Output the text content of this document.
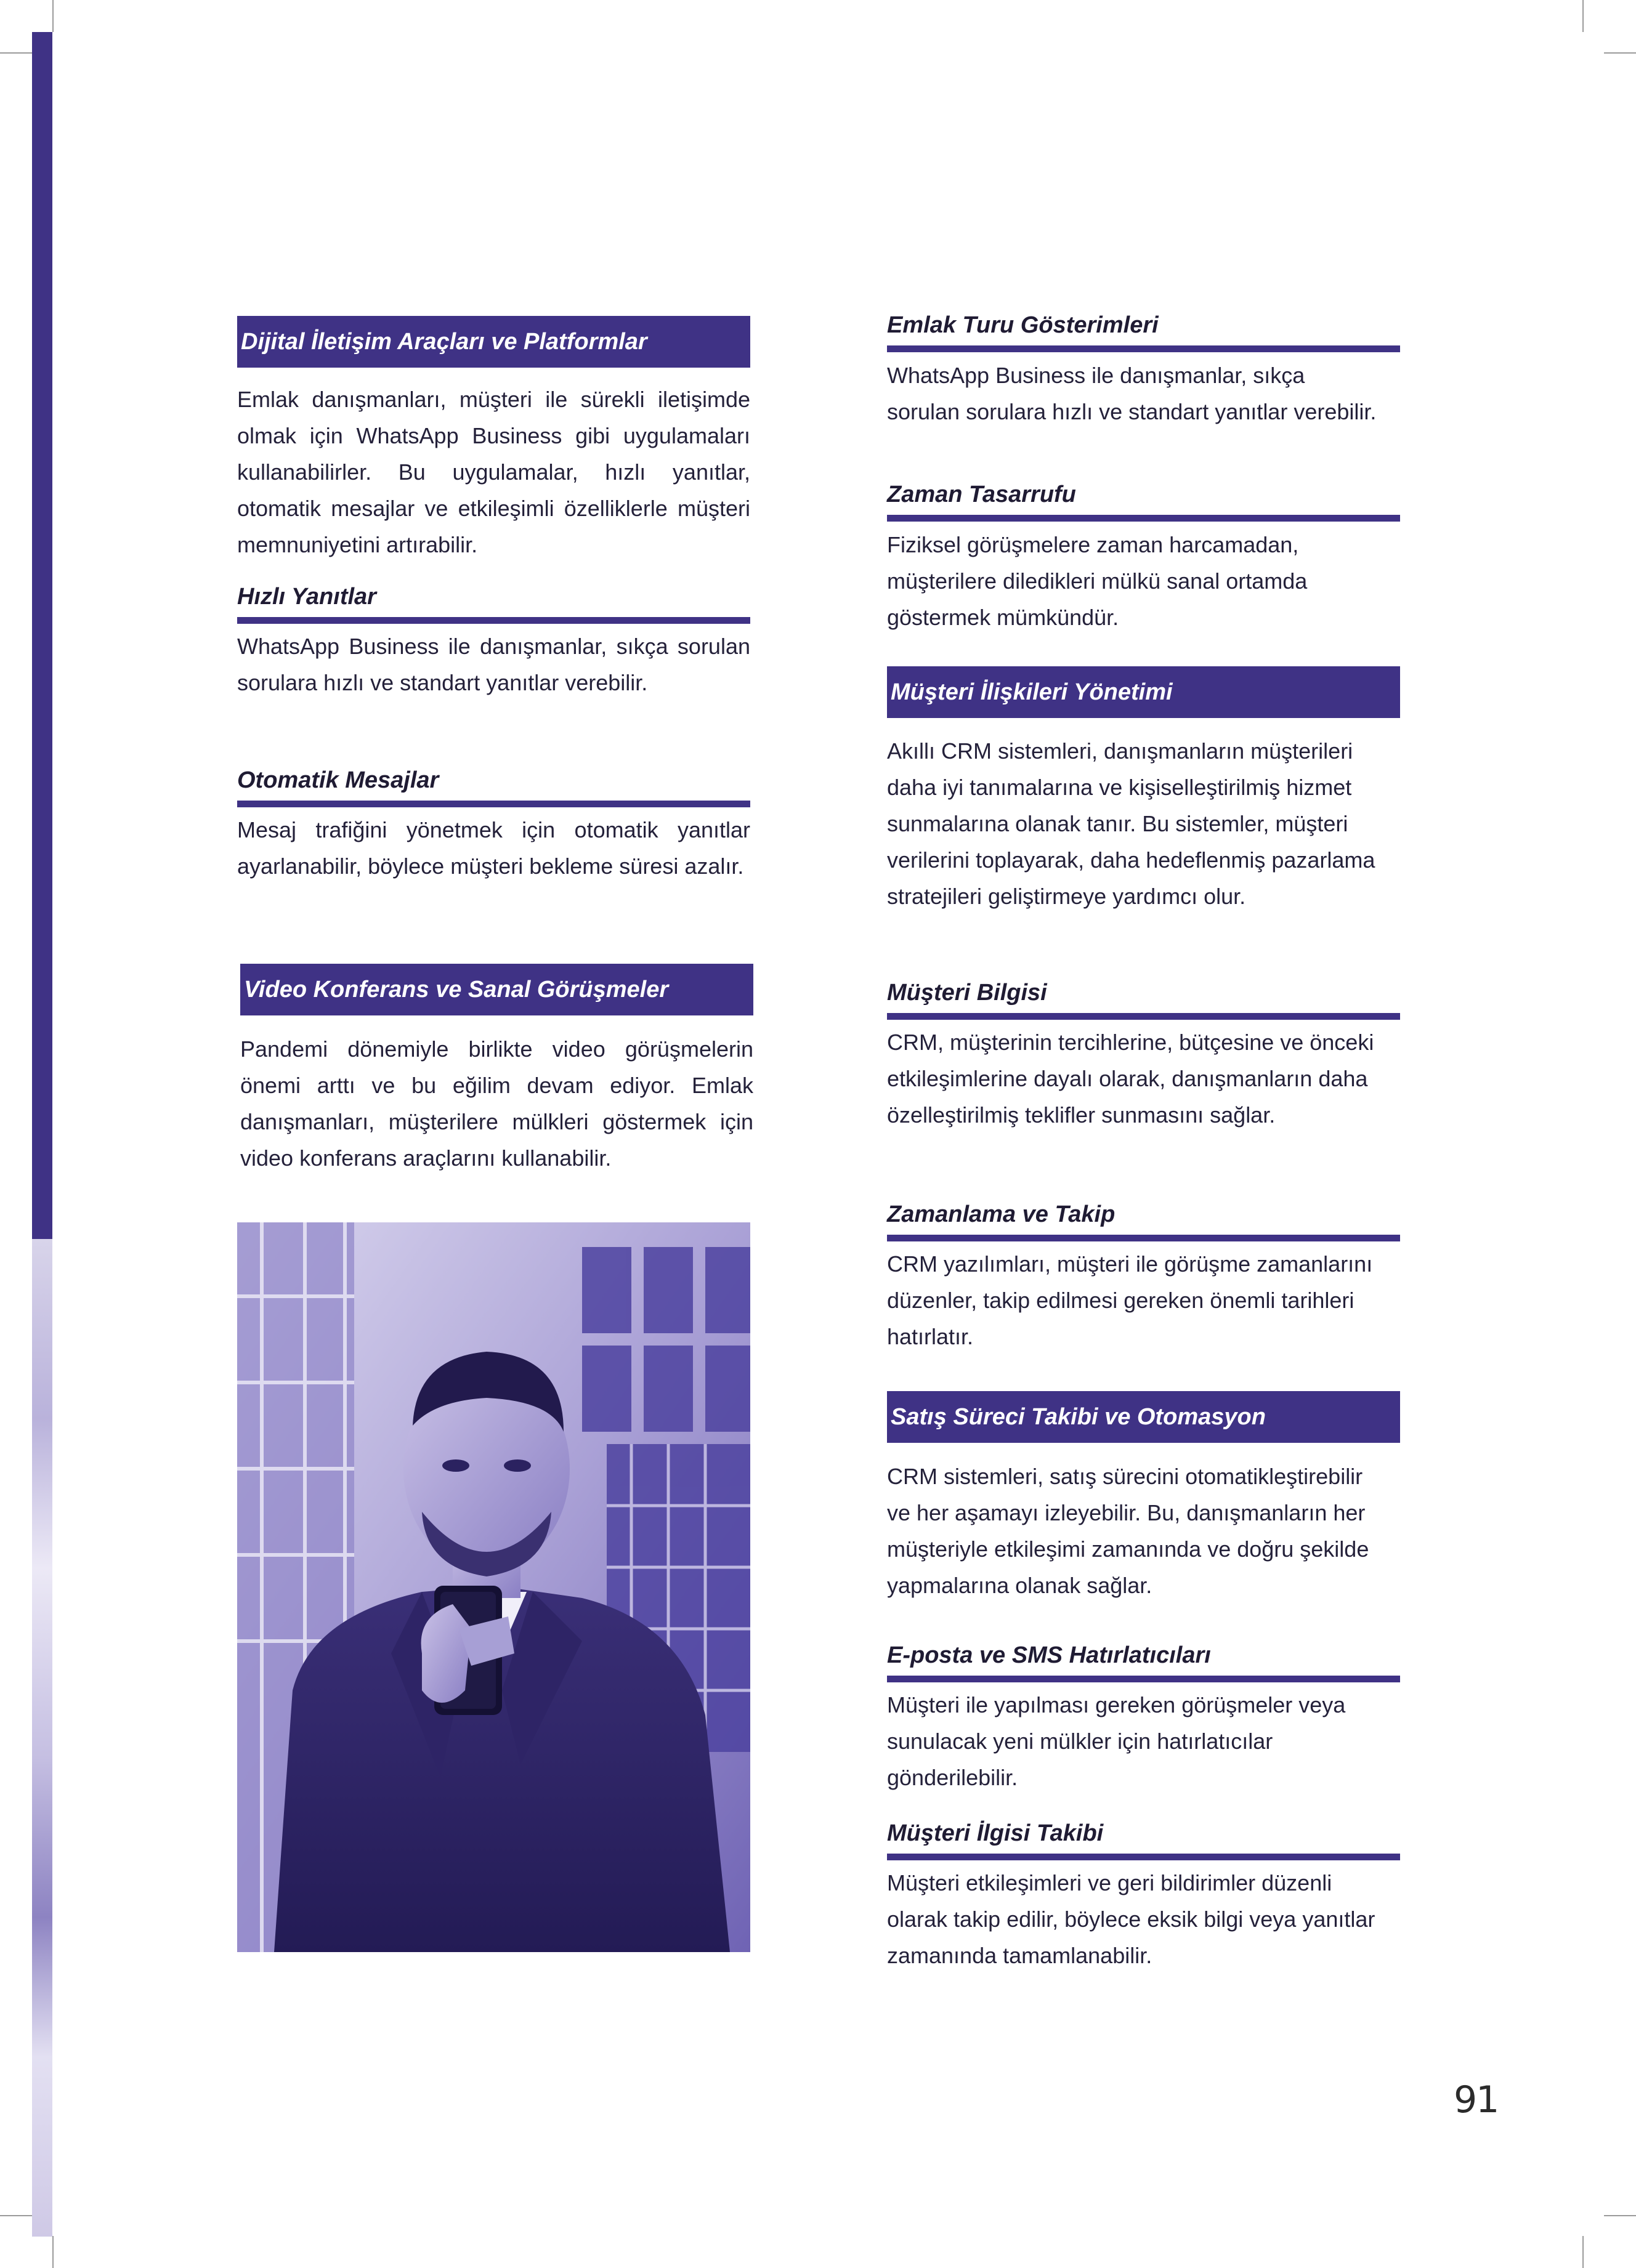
Dijital İletişim Araçları ve Platformlar
Emlak danışmanları, müşteri ile sürekli iletişimde olmak için WhatsApp Business gibi uygulamaları kullanabilirler. Bu uygulamalar, hızlı yanıtlar, otomatik mesajlar ve etkileşimli özelliklerle müşteri memnuniyetini artırabilir.
Hızlı Yanıtlar
WhatsApp Business ile danışmanlar, sıkça sorulan sorulara hızlı ve standart yanıtlar verebilir.
Otomatik Mesajlar
Mesaj trafiğini yönetmek için otomatik yanıtlar ayarlanabilir, böylece müşteri bekleme süresi azalır.
Video Konferans ve Sanal Görüşmeler
Pandemi dönemiyle birlikte video görüşmelerin önemi arttı ve bu eğilim devam ediyor. Emlak danışmanları, müşterilere mülkleri göstermek için video konferans araçlarını kullanabilir.
Emlak Turu Gösterimleri
WhatsApp Business ile danışmanlar, sıkça sorulan sorulara hızlı ve standart yanıtlar verebilir.
Zaman Tasarrufu
Fiziksel görüşmelere zaman harcamadan, müşterilere diledikleri mülkü sanal ortamda göstermek mümkündür.
Müşteri İlişkileri Yönetimi
Akıllı CRM sistemleri, danışmanların müşterileri daha iyi tanımalarına ve kişiselleştirilmiş hizmet sunmalarına olanak tanır. Bu sistemler, müşteri verilerini toplayarak, daha hedeflenmiş pazarlama stratejileri geliştirmeye yardımcı olur.
Müşteri Bilgisi
CRM, müşterinin tercihlerine, bütçesine ve önceki etkileşimlerine dayalı olarak, danışmanların daha özelleştirilmiş teklifler sunmasını sağlar.
Zamanlama ve Takip
CRM yazılımları, müşteri ile görüşme zamanlarını düzenler, takip edilmesi gereken önemli tarihleri hatırlatır.
Satış Süreci Takibi ve Otomasyon
CRM sistemleri, satış sürecini otomatikleştirebilir ve her aşamayı izleyebilir. Bu, danışmanların her müşteriyle etkileşimi zamanında ve doğru şekilde yapmalarına olanak sağlar.
E-posta ve SMS Hatırlatıcıları
Müşteri ile yapılması gereken görüşmeler veya sunulacak yeni mülkler için hatırlatıcılar gönderilebilir.
Müşteri İlgisi Takibi
Müşteri etkileşimleri ve geri bildirimler düzenli olarak takip edilir, böylece eksik bilgi veya yanıtlar zamanında tamamlanabilir.
91
